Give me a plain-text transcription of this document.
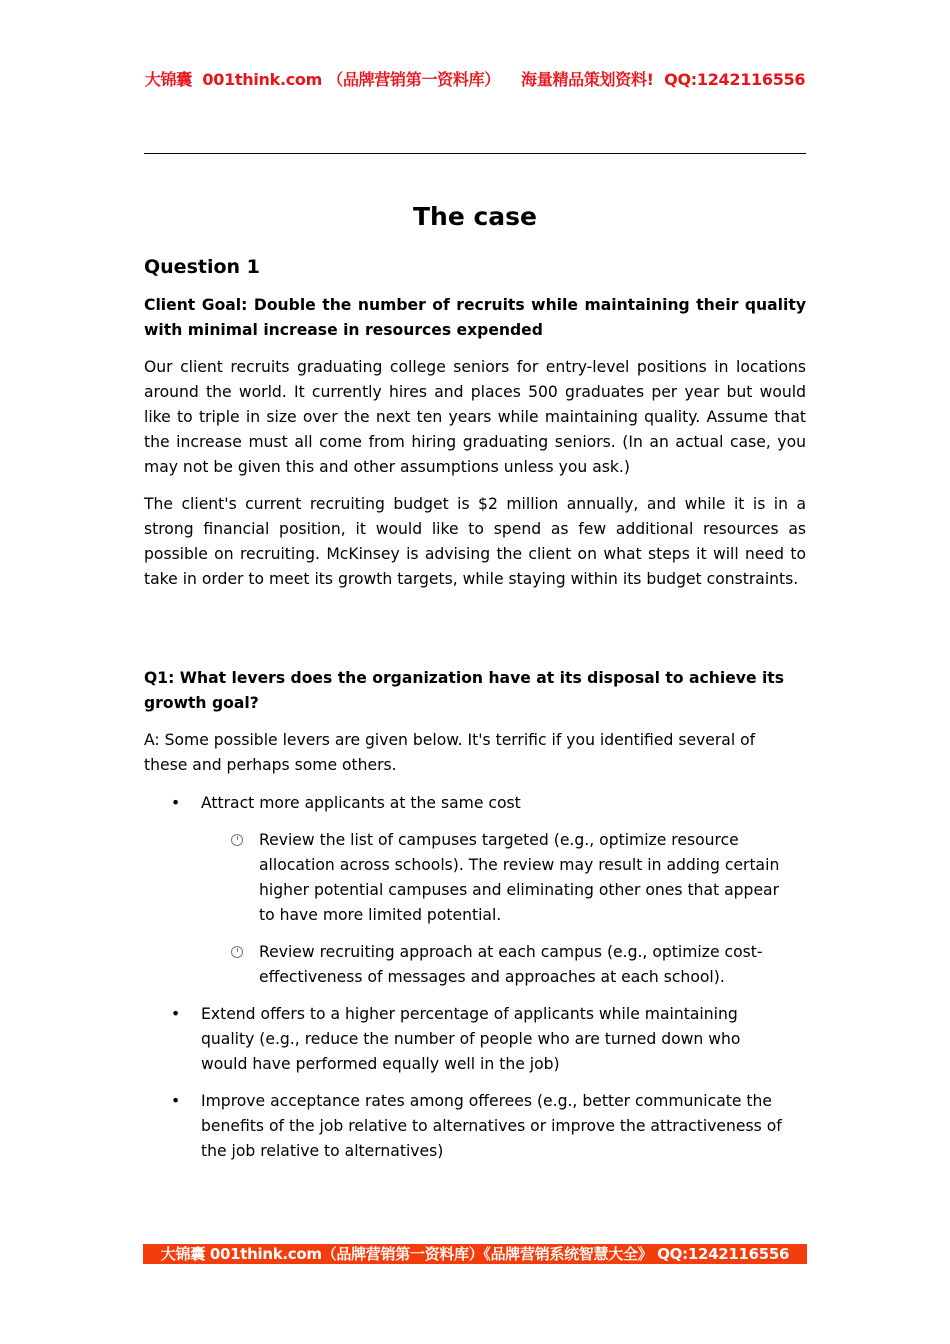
大锦囊  001think.com （品牌营销第一资料库）    海量精品策划资料!  QQ:1242116556
The case
Question 1
Client Goal: Double the number of recruits while maintaining their quality with minimal increase in resources expended
Our client recruits graduating college seniors for entry-level positions in locations around the world. It currently hires and places 500 graduates per year but would like to triple in size over the next ten years while maintaining quality. Assume that the increase must all come from hiring graduating seniors. (In an actual case, you may not be given this and other assumptions unless you ask.)
The client's current recruiting budget is $2 million annually, and while it is in a strong financial position, it would like to spend as few additional resources as possible on recruiting. McKinsey is advising the client on what steps it will need to take in order to meet its growth targets, while staying within its budget constraints.
Q1: What levers does the organization have at its disposal to achieve its growth goal?
A: Some possible levers are given below. It's terrific if you identified several of these and perhaps some others.
• Attract more applicants at the same cost
Review the list of campuses targeted (e.g., optimize resource allocation across schools). The review may result in adding certain higher potential campuses and eliminating other ones that appear to have more limited potential.
Review recruiting approach at each campus (e.g., optimize cost-effectiveness of messages and approaches at each school).
• Extend offers to a higher percentage of applicants while maintaining quality (e.g., reduce the number of people who are turned down who would have performed equally well in the job)
• Improve acceptance rates among offerees (e.g., better communicate the benefits of the job relative to alternatives or improve the attractiveness of the job relative to alternatives)
大锦囊 001think.com（品牌营销第一资料库）《品牌营销系统智慧大全》 QQ:1242116556
